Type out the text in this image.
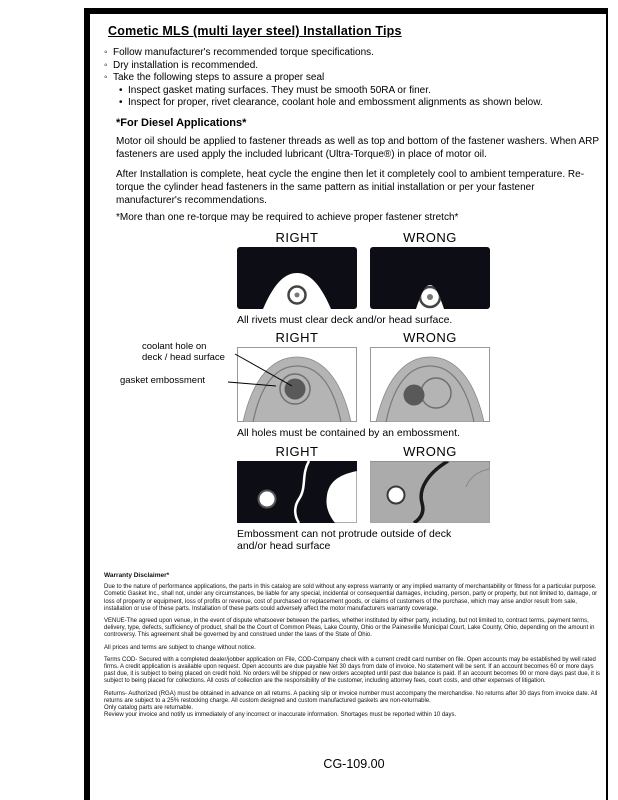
Cometic MLS (multi layer steel) Installation Tips
◦ Follow manufacturer's recommended torque specifications.
◦ Dry installation is recommended.
◦ Take the following steps to assure a proper seal
• Inspect gasket mating surfaces. They must be smooth 50RA or finer.
• Inspect for proper, rivet clearance, coolant hole and embossment alignments as shown below.
*For Diesel Applications*
Motor oil should be applied to fastener threads as well as top and bottom of the fastener washers. When ARP fasteners are used apply the included lubricant (Ultra-Torque®) in place of motor oil.
After Installation is complete, heat cycle the engine then let it completely cool to ambient temperature. Re-torque the cylinder head fasteners in the same pattern as initial installation or per your fastener manufacturer's recommendations.
*More than one re-torque may be required to achieve proper fastener stretch*
RIGHT	WRONG
All rivets must clear deck and/or head surface.
RIGHT	WRONG
All holes must be contained by an embossment.
coolant hole on
deck / head surface
gasket embossment
RIGHT	WRONG
Embossment can not protrude outside of deck
and/or head surface
Warranty Disclaimer*

Due to the nature of performance applications, the parts in this catalog are sold without any express warranty or any implied warranty of merchantability or fitness for a particular purpose. Cometic Gasket Inc., shall not, under any circumstances, be liable for any special, incidental or consequential damages, including, person, party or property, but not limited to, damage, or loss of property or equipment, loss of profits or revenue, cost of purchased or replacement goods, or claims of customers of the purchase, which may arise and/or result from sale, installation or use of these parts. Installation of these parts could adversely affect the motor manufacturers warranty coverage.

VENUE-The agreed upon venue, in the event of dispute whatsoever between the parties, whether instituted by either party, including, but not limited to, contract terms, payment terms, delivery, type, defects, sufficiency of product, shall be the Court of Common Pleas, Lake County, Ohio or the Painesville Municipal Court, Lake County, Ohio, depending on the amount in controversy. This agreement shall be governed by and construed under the laws of the State of Ohio.

All prices and terms are subject to change without notice.

Terms COD- Secured with a completed dealer/jobber application on File, COD-Company check with a current credit card number on file. Open accounts may be established by well rated firms. A credit application is available upon request. Open accounts are due payable Net 30 days from date of invoice. No statement will be sent. If an account becomes 60 or more days past due, it is subject to being placed on credit hold. No orders will be shipped or new orders accepted until past due balance is paid. If an account becomes 90 or more days past due, it is subject to being placed for collections. All costs of collection are the responsibility of the customer, including attorney fees, court costs, and other expenses of litigation.

Returns- Authorized (RGA) must be obtained in advance on all returns. A packing slip or invoice number must accompany the merchandise. No returns after 30 days from invoice date. All returns are subject to a 25% restocking charge. All custom designed and custom manufactured gaskets are non-returnable.

Only catalog parts are returnable.

Review your invoice and notify us immediately of any incorrect or inaccurate information. Shortages must be reported within 10 days.

CG-109.00
